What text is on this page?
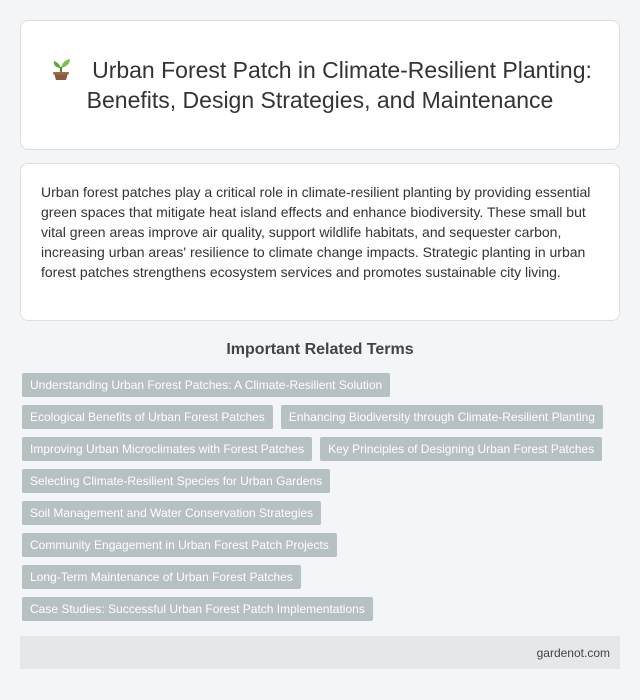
Urban Forest Patch in Climate-Resilient Planting: Benefits, Design Strategies, and Maintenance

Urban forest patches play a critical role in climate-resilient planting by providing essential green spaces that mitigate heat island effects and enhance biodiversity. These small but vital green areas improve air quality, support wildlife habitats, and sequester carbon, increasing urban areas' resilience to climate change impacts. Strategic planting in urban forest patches strengthens ecosystem services and promotes sustainable city living.

Important Related Terms
Understanding Urban Forest Patches: A Climate-Resilient Solution
Ecological Benefits of Urban Forest Patches	Enhancing Biodiversity through Climate-Resilient Planting
Improving Urban Microclimates with Forest Patches	Key Principles of Designing Urban Forest Patches
Selecting Climate-Resilient Species for Urban Gardens
Soil Management and Water Conservation Strategies
Community Engagement in Urban Forest Patch Projects
Long-Term Maintenance of Urban Forest Patches
Case Studies: Successful Urban Forest Patch Implementations
gardenot.com
